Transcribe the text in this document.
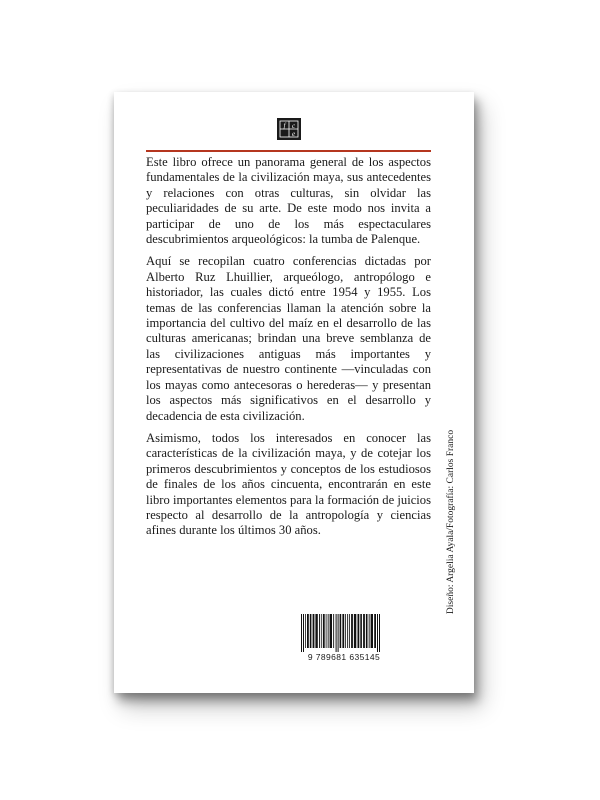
f c
e

Este libro ofrece un panorama general de los aspectos fundamentales de la civilización maya, sus antecedentes y relaciones con otras culturas, sin olvidar las peculiaridades de su arte. De este modo nos invita a participar de uno de los más espectaculares descubrimientos arqueológicos: la tumba de Palenque.

Aquí se recopilan cuatro conferencias dictadas por Alberto Ruz Lhuillier, arqueólogo, antropólogo e historiador, las cuales dictó entre 1954 y 1955. Los temas de las conferencias llaman la atención sobre la importancia del cultivo del maíz en el desarrollo de las culturas americanas; brindan una breve semblanza de las civilizaciones antiguas más importantes y representativas de nuestro continente —vinculadas con los mayas como antecesoras o herederas— y presentan los aspectos más significativos en el desarrollo y decadencia de esta civilización.

Asimismo, todos los interesados en conocer las características de la civilización maya, y de cotejar los primeros descubrimientos y conceptos de los estudiosos de finales de los años cincuenta, encontrarán en este libro importantes elementos para la formación de juicios respecto al desarrollo de la antropología y ciencias afines durante los últimos 30 años.	Diseño: Argelia Ayala/Fotografía: Carlos Franco
9 789681 635145
